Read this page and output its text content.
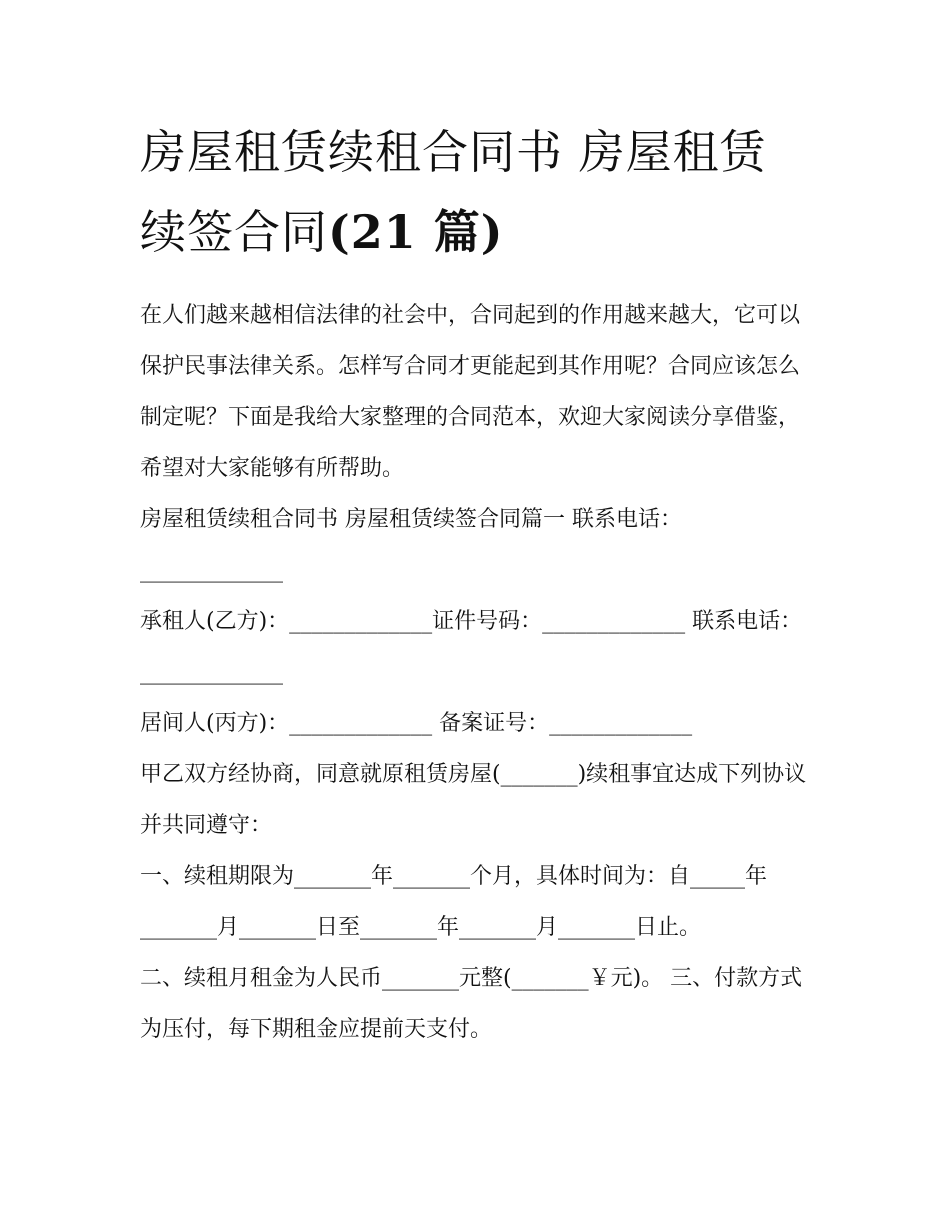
房屋租赁续租合同书 房屋租赁
续签合同(21 篇)

在人们越来越相信法律的社会中，合同起到的作用越来越大，它可以保护民事法律关系。怎样写合同才更能起到其作用呢？合同应该怎么制定呢？下面是我给大家整理的合同范本，欢迎大家阅读分享借鉴，希望对大家能够有所帮助。

房屋租赁续租合同书 房屋租赁续签合同篇一 联系电话：_____________

承租人(乙方)：_____________证件号码：_____________ 联系电话：_____________

居间人(丙方)：_____________ 备案证号：_____________

甲乙双方经协商，同意就原租赁房屋(_______)续租事宜达成下列协议并共同遵守：

一、续租期限为_______年_______个月，具体时间为：自_____年_______月_______日至_______年_______月_______日止。

二、续租月租金为人民币_______元整(_______￥元)。 三、付款方式为压付，每下期租金应提前天支付。
